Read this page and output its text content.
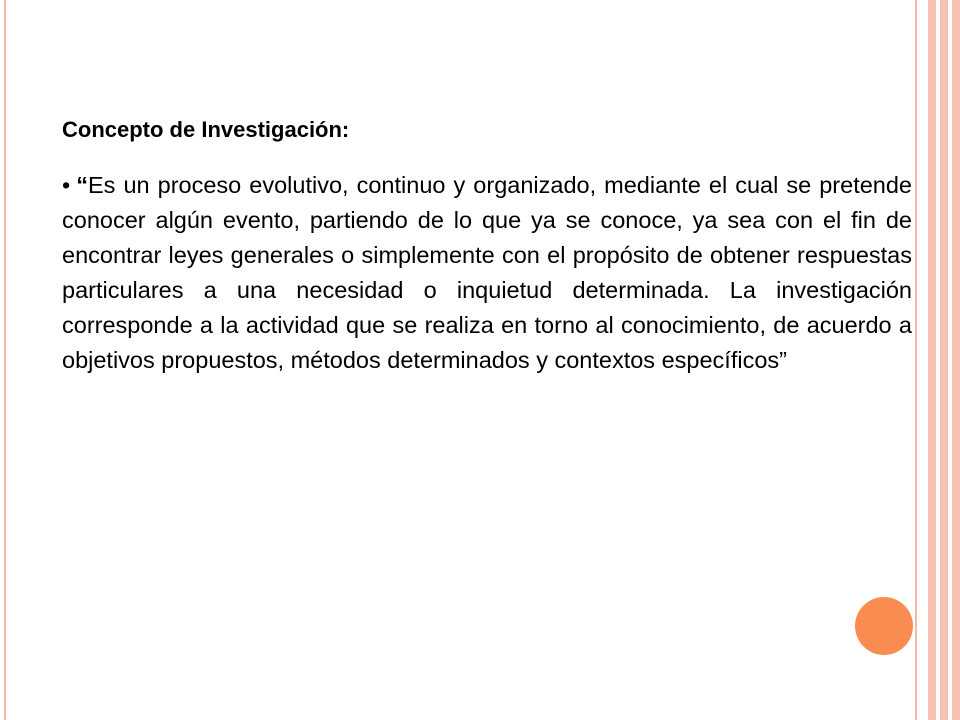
Concepto de Investigación:

• “Es un proceso evolutivo, continuo y organizado, mediante el cual se pretende conocer algún evento, partiendo de lo que ya se conoce, ya sea con el fin de encontrar leyes generales o simplemente con el propósito de obtener respuestas particulares a una necesidad o inquietud determinada. La investigación corresponde a la actividad que se realiza en torno al conocimiento, de acuerdo a objetivos propuestos, métodos determinados y contextos específicos”
